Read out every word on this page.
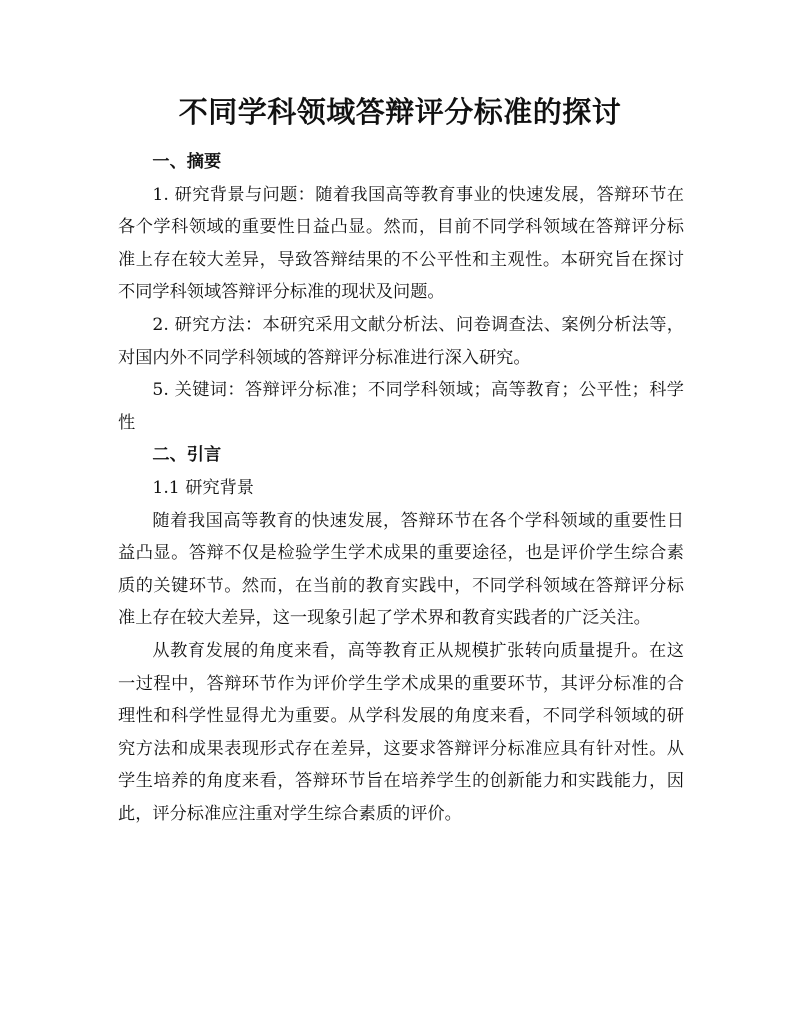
不同学科领域答辩评分标准的探讨
一、摘要

1. 研究背景与问题：随着我国高等教育事业的快速发展，答辩环节在各个学科领域的重要性日益凸显。然而，目前不同学科领域在答辩评分标准上存在较大差异，导致答辩结果的不公平性和主观性。本研究旨在探讨不同学科领域答辩评分标准的现状及问题。

2. 研究方法：本研究采用文献分析法、问卷调查法、案例分析法等，对国内外不同学科领域的答辩评分标准进行深入研究。

5. 关键词：答辩评分标准；不同学科领域；高等教育；公平性；科学性

二、引言
1.1 研究背景

随着我国高等教育的快速发展，答辩环节在各个学科领域的重要性日益凸显。答辩不仅是检验学生学术成果的重要途径，也是评价学生综合素质的关键环节。然而，在当前的教育实践中，不同学科领域在答辩评分标准上存在较大差异，这一现象引起了学术界和教育实践者的广泛关注。

从教育发展的角度来看，高等教育正从规模扩张转向质量提升。在这一过程中，答辩环节作为评价学生学术成果的重要环节，其评分标准的合理性和科学性显得尤为重要。从学科发展的角度来看，不同学科领域的研究方法和成果表现形式存在差异，这要求答辩评分标准应具有针对性。从学生培养的角度来看，答辩环节旨在培养学生的创新能力和实践能力，因此，评分标准应注重对学生综合素质的评价。
